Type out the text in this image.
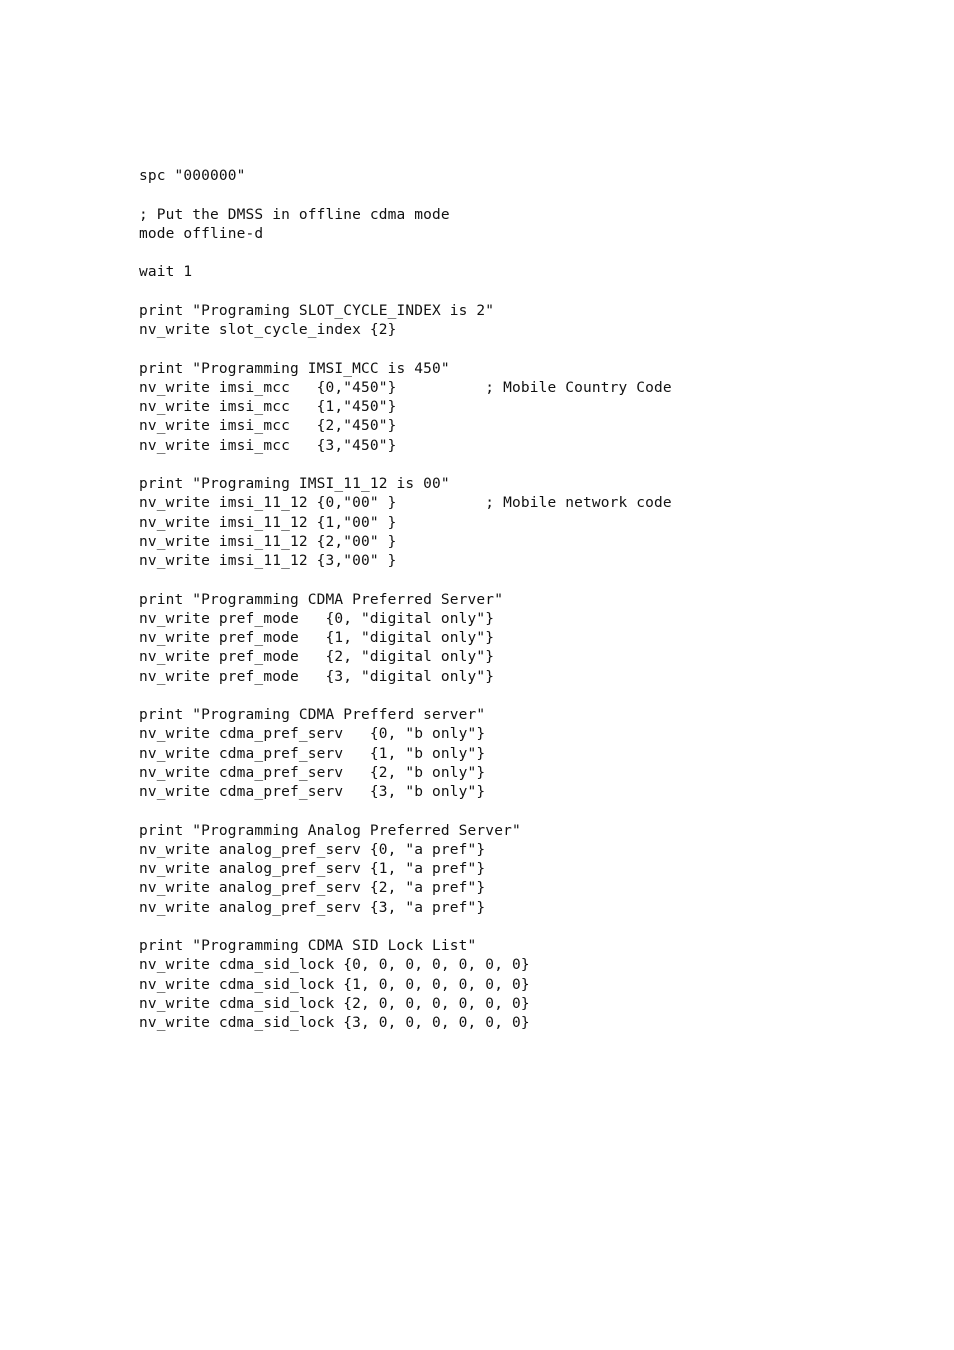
spc "000000"
; Put the DMSS in offline cdma mode
mode offline-d
wait 1
print "Programing SLOT_CYCLE_INDEX is 2"
nv_write slot_cycle_index {2}
print "Programming IMSI_MCC is 450"
nv_write imsi_mcc   {0,"450"}          ; Mobile Country Code
nv_write imsi_mcc   {1,"450"}
nv_write imsi_mcc   {2,"450"}
nv_write imsi_mcc   {3,"450"}
print "Programing IMSI_11_12 is 00"
nv_write imsi_11_12 {0,"00" }          ; Mobile network code
nv_write imsi_11_12 {1,"00" }
nv_write imsi_11_12 {2,"00" }
nv_write imsi_11_12 {3,"00" }
print "Programming CDMA Preferred Server"
nv_write pref_mode   {0, "digital only"}
nv_write pref_mode   {1, "digital only"}
nv_write pref_mode   {2, "digital only"}
nv_write pref_mode   {3, "digital only"}
print "Programing CDMA Prefferd server"
nv_write cdma_pref_serv   {0, "b only"}
nv_write cdma_pref_serv   {1, "b only"}
nv_write cdma_pref_serv   {2, "b only"}
nv_write cdma_pref_serv   {3, "b only"}
print "Programming Analog Preferred Server"
nv_write analog_pref_serv {0, "a pref"}
nv_write analog_pref_serv {1, "a pref"}
nv_write analog_pref_serv {2, "a pref"}
nv_write analog_pref_serv {3, "a pref"}
print "Programming CDMA SID Lock List"
nv_write cdma_sid_lock {0, 0, 0, 0, 0, 0, 0}
nv_write cdma_sid_lock {1, 0, 0, 0, 0, 0, 0}
nv_write cdma_sid_lock {2, 0, 0, 0, 0, 0, 0}
nv_write cdma_sid_lock {3, 0, 0, 0, 0, 0, 0}
